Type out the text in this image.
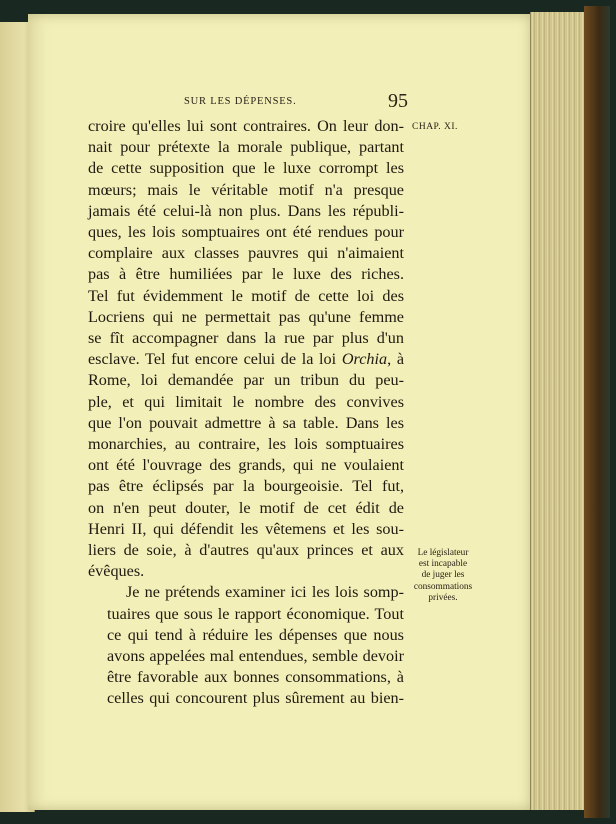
SUR LES DÉPENSES.	95
CHAP. XI.

croire qu'elles lui sont contraires. On leur don-
nait pour prétexte la morale publique, partant
de cette supposition que le luxe corrompt les
mœurs; mais le véritable motif n'a presque
jamais été celui-là non plus. Dans les républi-
ques, les lois somptuaires ont été rendues pour
complaire aux classes pauvres qui n'aimaient
pas à être humiliées par le luxe des riches.
Tel fut évidemment le motif de cette loi des
Locriens qui ne permettait pas qu'une femme
se fît accompagner dans la rue par plus d'un
esclave. Tel fut encore celui de la loi Orchia, à
Rome, loi demandée par un tribun du peu-
ple, et qui limitait le nombre des convives
que l'on pouvait admettre à sa table. Dans les
monarchies, au contraire, les lois somptuaires
ont été l'ouvrage des grands, qui ne voulaient
pas être éclipsés par la bourgeoisie. Tel fut,
on n'en peut douter, le motif de cet édit de
Henri II, qui défendit les vêtemens et les sou-
liers de soie, à d'autres qu'aux princes et aux
évêques.

Je ne prétends examiner ici les lois somp-
tuaires que sous le rapport économique. Tout
ce qui tend à réduire les dépenses que nous
avons appelées mal entendues, semble devoir
être favorable aux bonnes consommations, à
celles qui concourent plus sûrement au bien-

Le législateur
est incapable
de juger les
consommations
privées.
